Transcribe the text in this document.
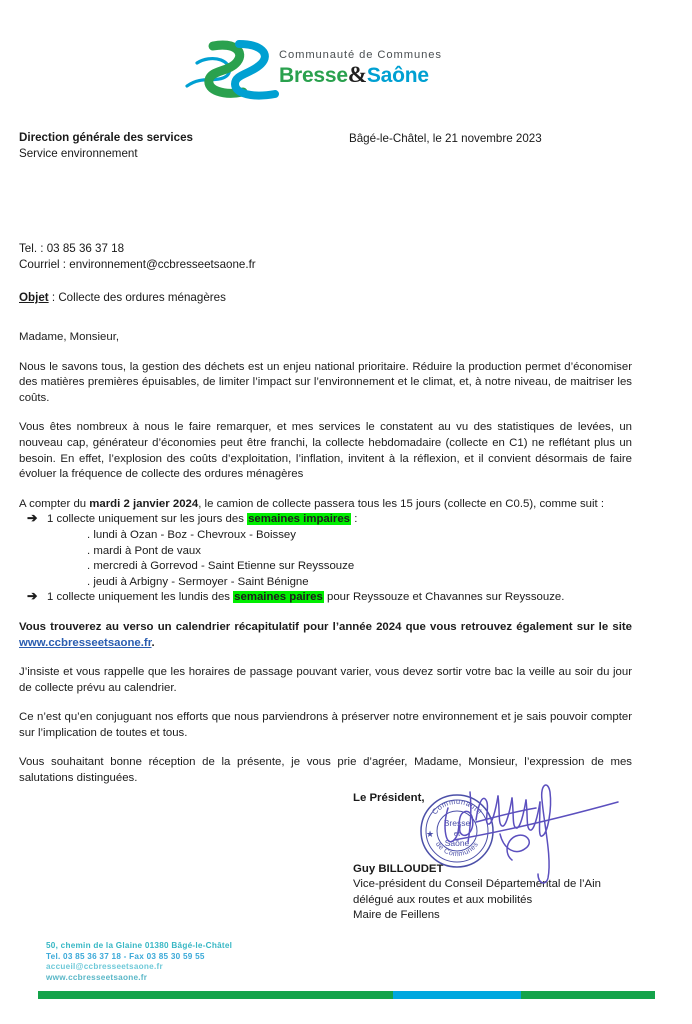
Communauté de Communes
Bresse&Saône
Direction générale des services
Service environnement
Bâgé-le-Châtel, le 21 novembre 2023
Tel. : 03 85 36 37 18
Courriel : environnement@ccbresseetsaone.fr
Objet : Collecte des ordures ménagères

Madame, Monsieur,

Nous le savons tous, la gestion des déchets est un enjeu national prioritaire. Réduire la production permet d’économiser des matières premières épuisables, de limiter l’impact sur l’environnement et le climat, et, à notre niveau, de maitriser les coûts.

Vous êtes nombreux à nous le faire remarquer, et mes services le constatent au vu des statistiques de levées, un nouveau cap, générateur d’économies peut être franchi, la collecte hebdomadaire (collecte en C1) ne reflétant plus un besoin. En effet, l’explosion des coûts d’exploitation, l’inflation, invitent à la réflexion, et il convient désormais de faire évoluer la fréquence de collecte des ordures ménagères

A compter du mardi 2 janvier 2024, le camion de collecte passera tous les 15 jours (collecte en C0.5), comme suit :

➔ 1 collecte uniquement sur les jours des semaines impaires :
. lundi à Ozan - Boz - Chevroux - Boissey
. mardi à Pont de vaux
. mercredi à Gorrevod - Saint Etienne sur Reyssouze
. jeudi à Arbigny - Sermoyer - Saint Bénigne
➔ 1 collecte uniquement les lundis des semaines paires pour Reyssouze et Chavannes sur Reyssouze.

Vous trouverez au verso un calendrier récapitulatif pour l’année 2024 que vous retrouvez également sur le site www.ccbresseetsaone.fr.

J’insiste et vous rappelle que les horaires de passage pouvant varier, vous devez sortir votre bac la veille au soir du jour de collecte prévu au calendrier.

Ce n’est qu’en conjuguant nos efforts que nous parviendrons à préserver notre environnement et je sais pouvoir compter sur l’implication de toutes et tous.

Vous souhaitant bonne réception de la présente, je vous prie d’agréer, Madame, Monsieur, l’expression de mes salutations distinguées.

Le Président,
Guy BILLOUDET
Vice-président du Conseil Départemental de l’Ain
délégué aux routes et aux mobilités
Maire de Feillens
Communauté
de Communes
Bresse
et
Saône
★
50, chemin de la Glaine 01380 Bâgé-le-Châtel
Tel. 03 85 36 37 18 - Fax 03 85 30 59 55
accueil@ccbresseetsaone.fr
www.ccbresseetsaone.fr
